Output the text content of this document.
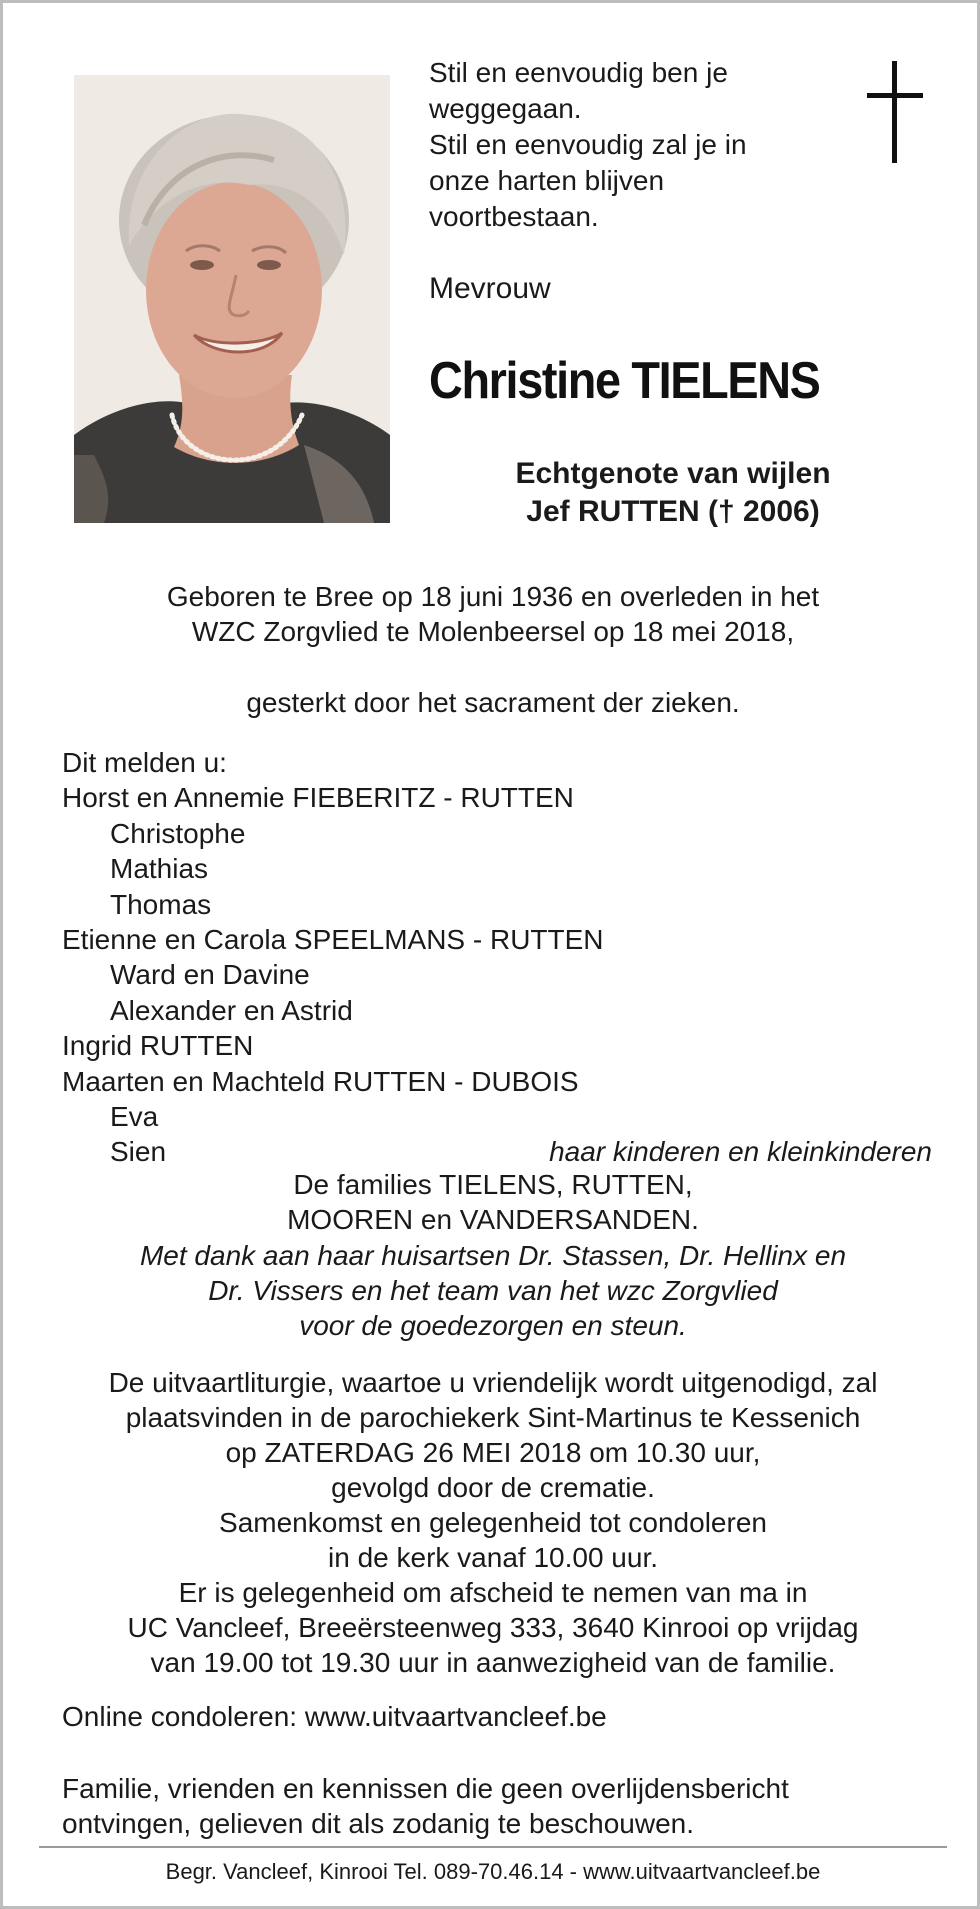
Stil en eenvoudig ben je
weggegaan.
Stil en eenvoudig zal je in
onze harten blijven
voortbestaan.
Mevrouw
Christine TIELENS
Echtgenote van wijlen
Jef RUTTEN († 2006)
Geboren te Bree op 18 juni 1936 en overleden in het
WZC Zorgvlied te Molenbeersel op 18 mei 2018,
gesterkt door het sacrament der zieken.
Dit melden u:
Horst en Annemie FIEBERITZ - RUTTEN
Christophe
Mathias
Thomas
Etienne en Carola SPEELMANS - RUTTEN
Ward en Davine
Alexander en Astrid
Ingrid RUTTEN
Maarten en Machteld RUTTEN - DUBOIS
Eva
Sien	haar kinderen en kleinkinderen
De families TIELENS, RUTTEN,
MOOREN en VANDERSANDEN.
Met dank aan haar huisartsen Dr. Stassen, Dr. Hellinx en
Dr. Vissers en het team van het wzc Zorgvlied
voor de goedezorgen en steun.
De uitvaartliturgie, waartoe u vriendelijk wordt uitgenodigd, zal
plaatsvinden in de parochiekerk Sint-Martinus te Kessenich
op ZATERDAG 26 MEI 2018 om 10.30 uur,
gevolgd door de crematie.
Samenkomst en gelegenheid tot condoleren
in de kerk vanaf 10.00 uur.
Er is gelegenheid om afscheid te nemen van ma in
UC Vancleef, Breeërsteenweg 333, 3640 Kinrooi op vrijdag
van 19.00 tot 19.30 uur in aanwezigheid van de familie.
Online condoleren: www.uitvaartvancleef.be
Familie, vrienden en kennissen die geen overlijdensbericht
ontvingen, gelieven dit als zodanig te beschouwen.
Begr. Vancleef, Kinrooi Tel. 089-70.46.14 - www.uitvaartvancleef.be
